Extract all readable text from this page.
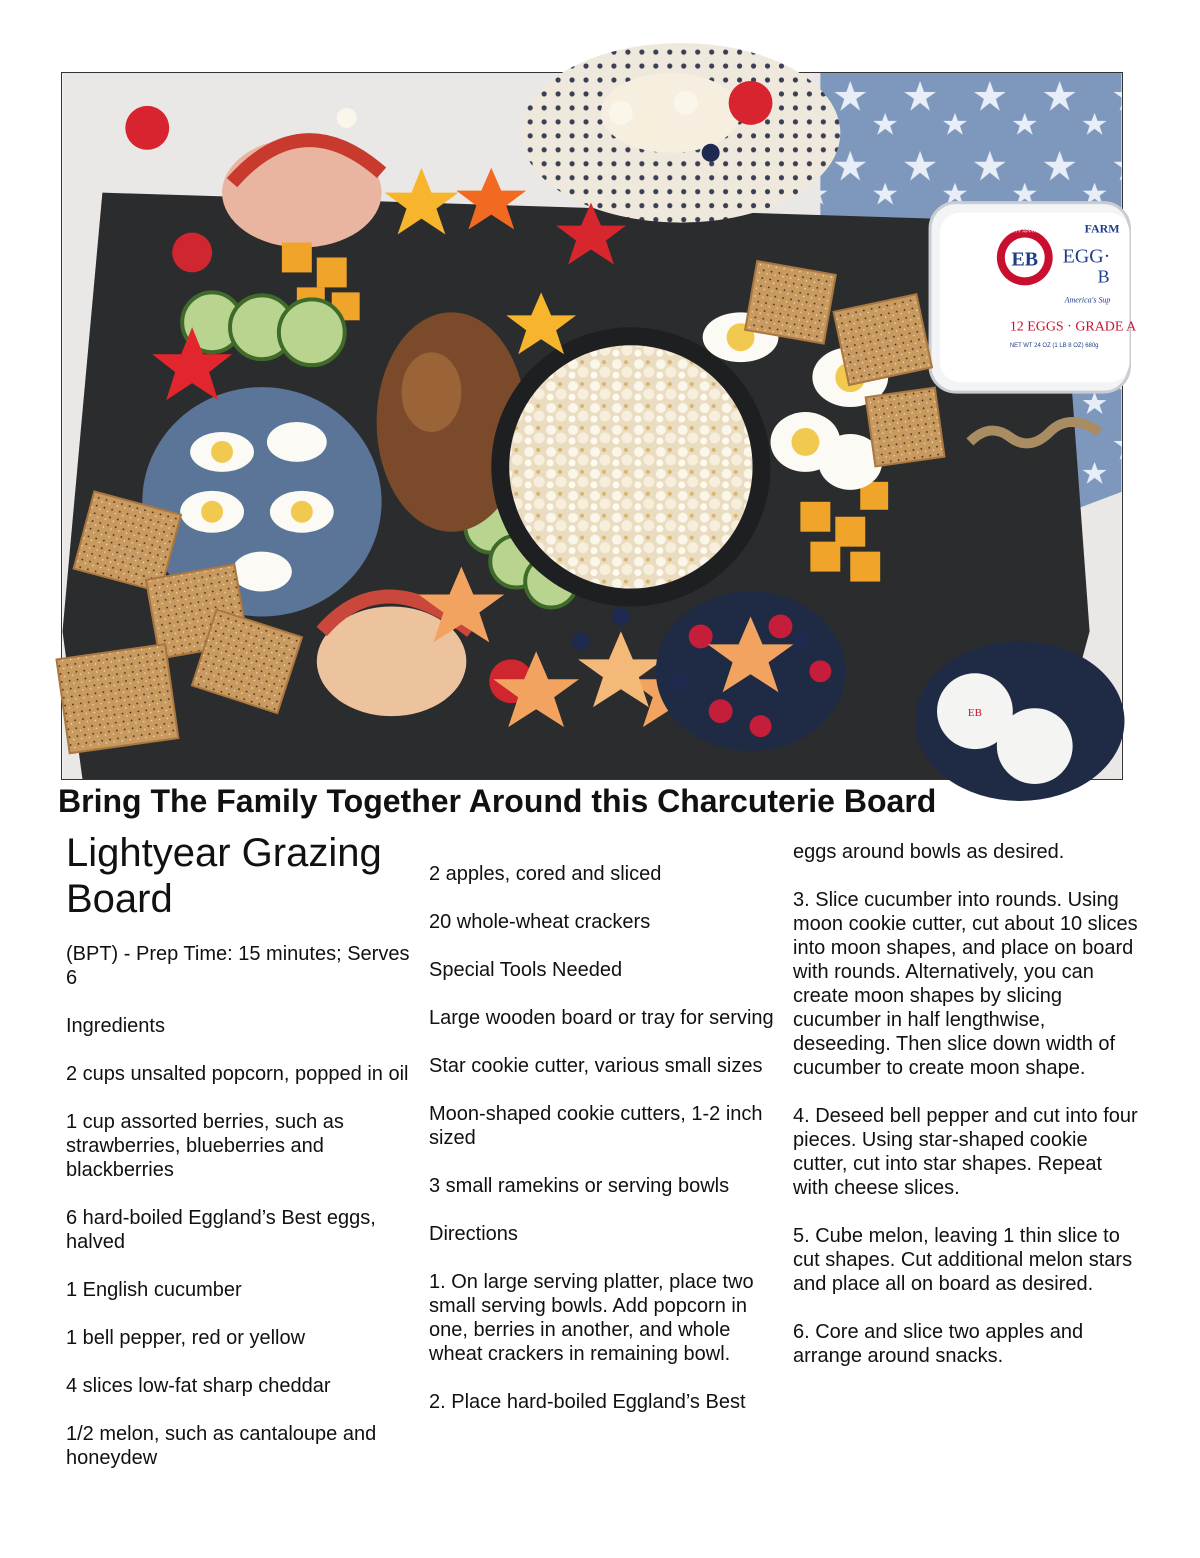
EB
QUALITY APPROVED	FARM
EGG·
B
America's Sup
12 EGGS · GRADE A
NET WT 24 OZ (1 LB 8 OZ) 680g
EB
Bring The Family Together Around this Charcuterie Board
Lightyear Grazing Board

(BPT) - Prep Time: 15 minutes; Serves 6

Ingredients

2 cups unsalted popcorn, popped in oil

1 cup assorted berries, such as strawberries, blueberries and blackberries

6 hard-boiled Eggland’s Best eggs, halved

1 English cucumber

1 bell pepper, red or yellow

4 slices low-fat sharp cheddar

1/2 melon, such as cantaloupe and honeydew

2 apples, cored and sliced

20 whole-wheat crackers

Special Tools Needed

Large wooden board or tray for serving

Star cookie cutter, various small sizes

Moon-shaped cookie cutters, 1-2 inch sized

3 small ramekins or serving bowls

Directions

1. On large serving platter, place two small serving bowls. Add popcorn in one, berries in another, and whole wheat crackers in remaining bowl.

2. Place hard-boiled Eggland’s Best

eggs around bowls as desired.

3. Slice cucumber into rounds. Using moon cookie cutter, cut about 10 slices into moon shapes, and place on board with rounds. Alternatively, you can create moon shapes by slicing cucumber in half lengthwise, deseeding. Then slice down width of cucumber to create moon shape.

4. Deseed bell pepper and cut into four pieces. Using star-shaped cookie cutter, cut into star shapes. Repeat with cheese slices.

5. Cube melon, leaving 1 thin slice to cut shapes. Cut additional melon stars and place all on board as desired.

6. Core and slice two apples and arrange around snacks.
